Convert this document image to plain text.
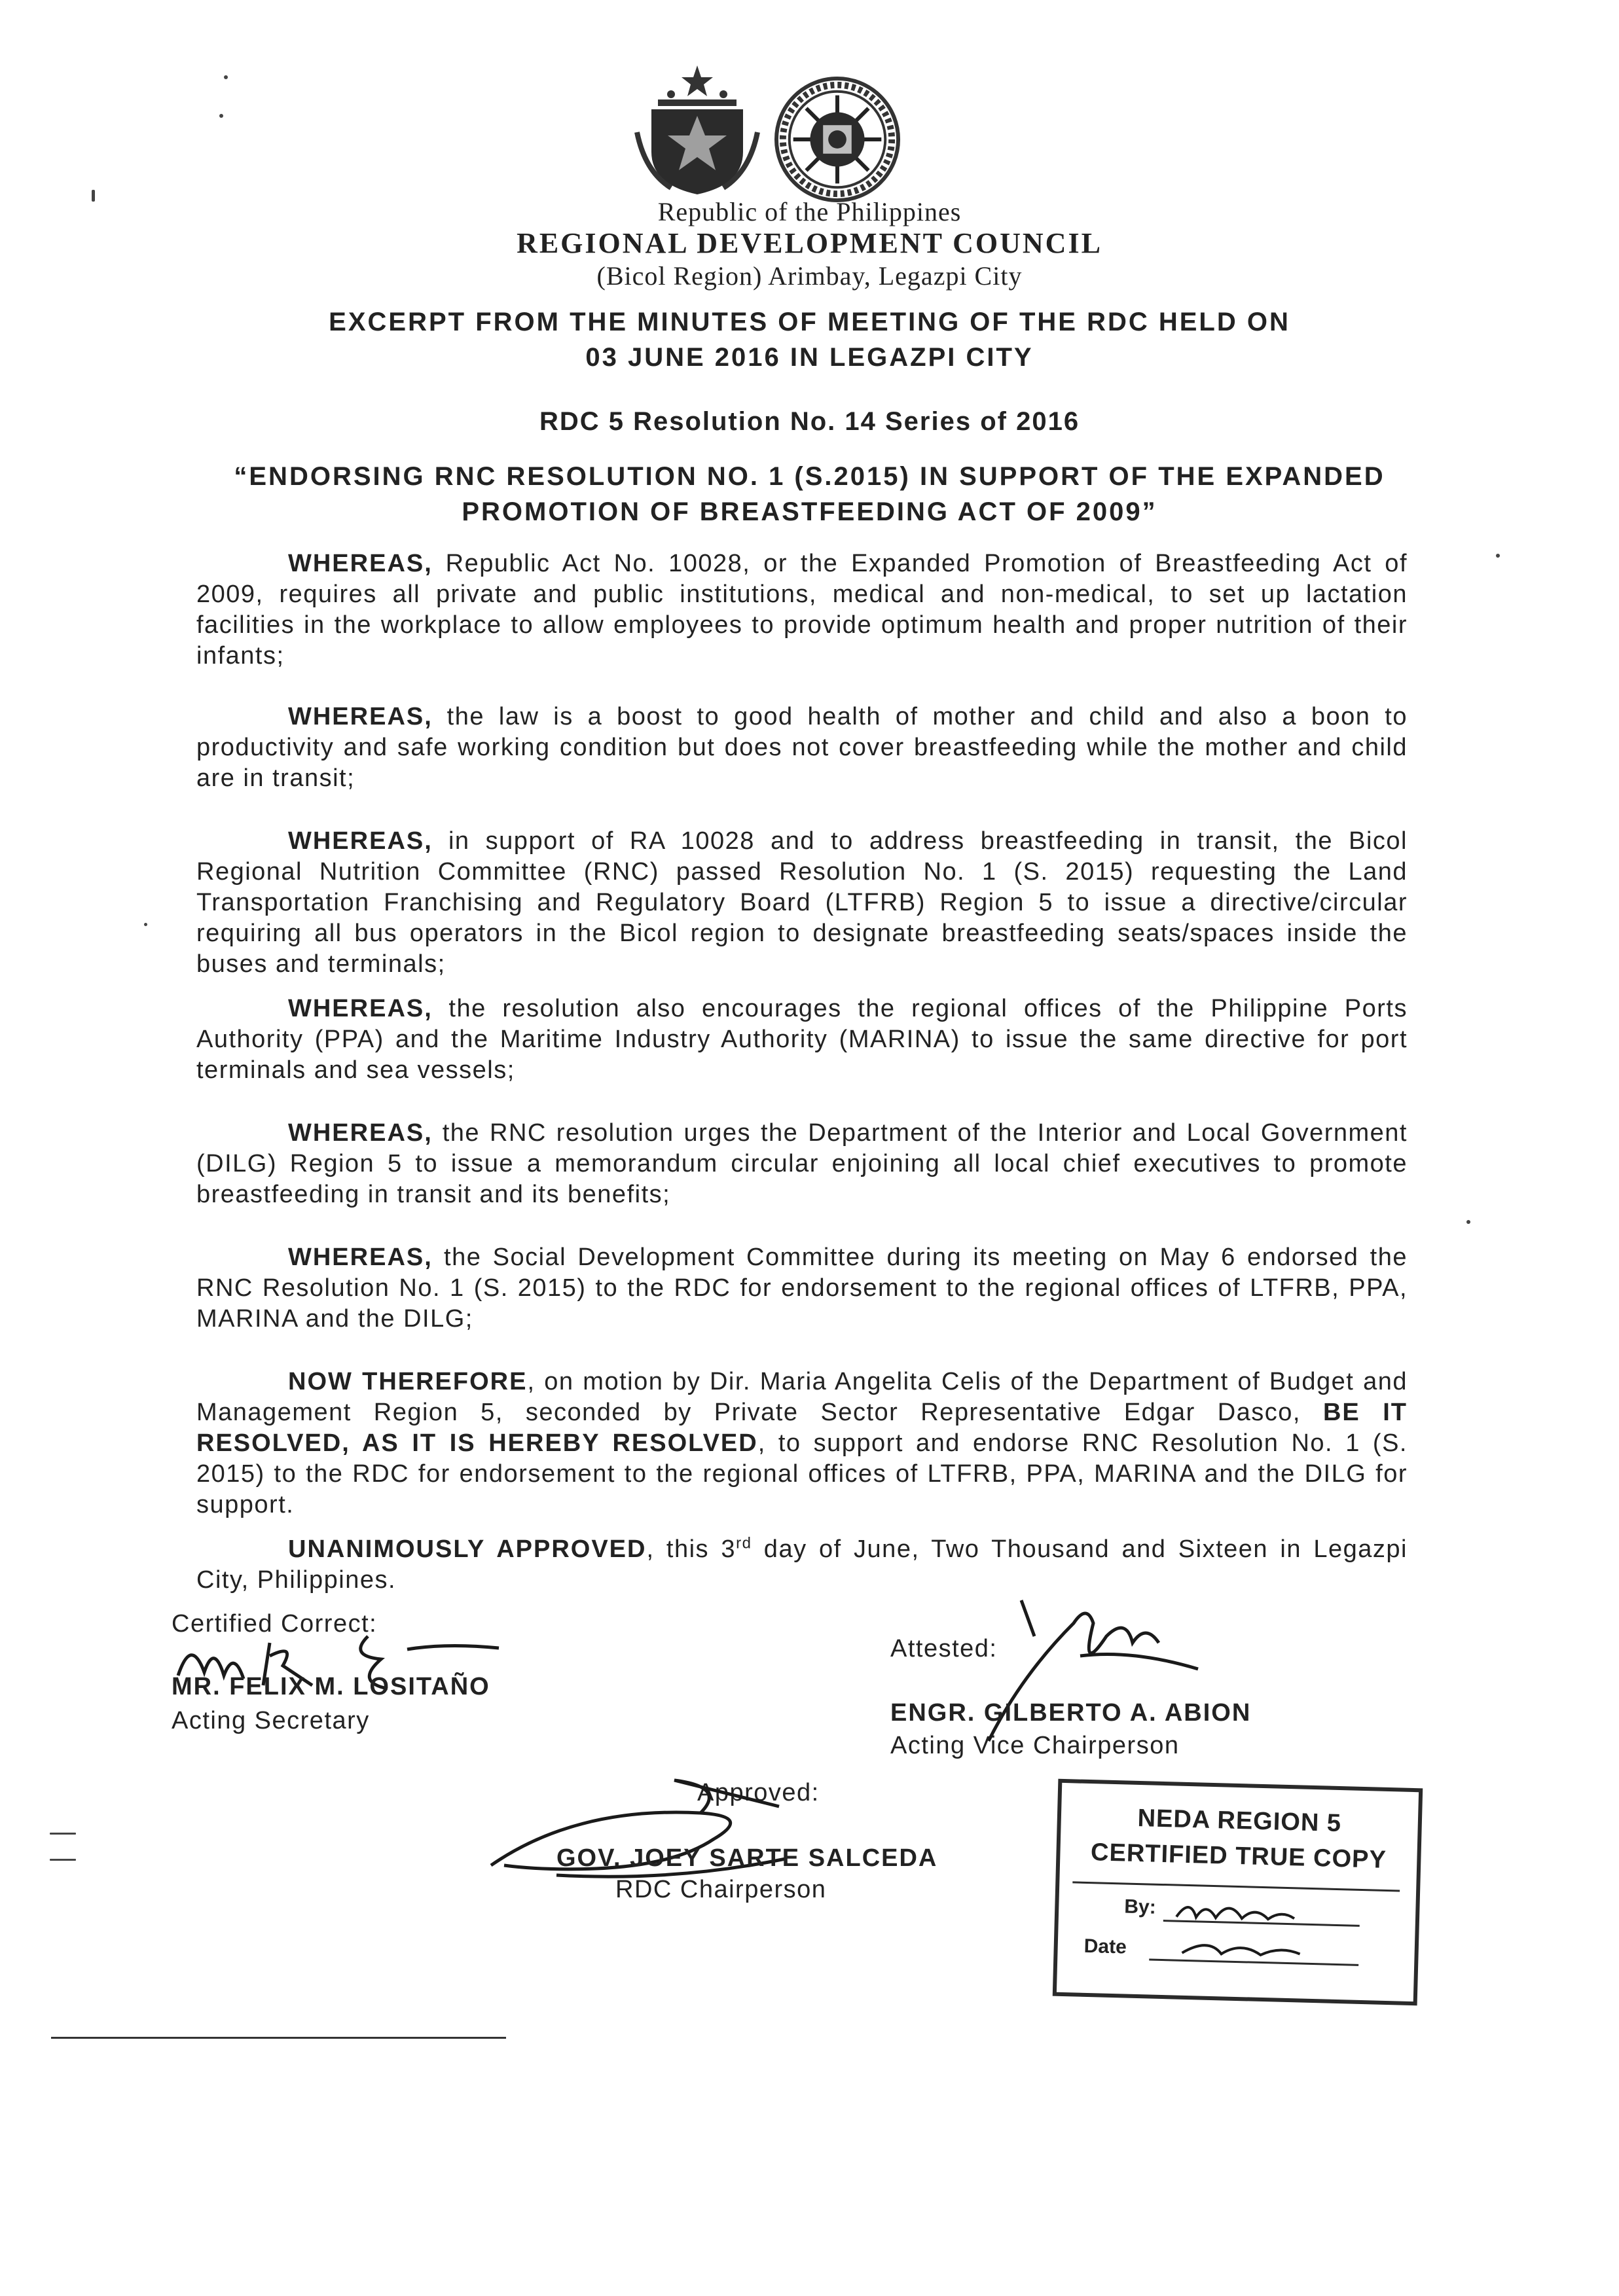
Republic of the Philippines
REGIONAL DEVELOPMENT COUNCIL
(Bicol Region) Arimbay, Legazpi City
EXCERPT FROM THE MINUTES OF MEETING OF THE RDC HELD ON
03 JUNE 2016 IN LEGAZPI CITY
RDC 5 Resolution No. 14 Series of 2016
“ENDORSING RNC RESOLUTION NO. 1 (S.2015) IN SUPPORT OF THE EXPANDED
PROMOTION OF BREASTFEEDING ACT OF 2009”

WHEREAS, Republic Act No. 10028, or the Expanded Promotion of Breastfeeding Act of 2009, requires all private and public institutions, medical and non-medical, to set up lactation facilities in the workplace to allow employees to provide optimum health and proper nutrition of their infants;

WHEREAS, the law is a boost to good health of mother and child and also a boon to productivity and safe working condition but does not cover breastfeeding while the mother and child are in transit;

WHEREAS, in support of RA 10028 and to address breastfeeding in transit, the Bicol Regional Nutrition Committee (RNC) passed Resolution No. 1 (S. 2015) requesting the Land Transportation Franchising and Regulatory Board (LTFRB) Region 5 to issue a directive/circular requiring all bus operators in the Bicol region to designate breastfeeding seats/spaces inside the buses and terminals;

WHEREAS, the resolution also encourages the regional offices of the Philippine Ports Authority (PPA) and the Maritime Industry Authority (MARINA) to issue the same directive for port terminals and sea vessels;

WHEREAS, the RNC resolution urges the Department of the Interior and Local Government (DILG) Region 5 to issue a memorandum circular enjoining all local chief executives to promote breastfeeding in transit and its benefits;

WHEREAS, the Social Development Committee during its meeting on May 6 endorsed the RNC Resolution No. 1 (S. 2015) to the RDC for endorsement to the regional offices of LTFRB, PPA, MARINA and the DILG;

NOW THEREFORE, on motion by Dir. Maria Angelita Celis of the Department of Budget and Management Region 5, seconded by Private Sector Representative Edgar Dasco, BE IT RESOLVED, AS IT IS HEREBY RESOLVED, to support and endorse RNC Resolution No. 1 (S. 2015) to the RDC for endorsement to the regional offices of LTFRB, PPA, MARINA and the DILG for support.

UNANIMOUSLY APPROVED, this 3rd day of June, Two Thousand and Sixteen in Legazpi City, Philippines.

Certified Correct:
MR. FELIX M. LOSITAÑO
Acting Secretary
Attested:
ENGR. GILBERTO A. ABION
Acting Vice Chairperson
Approved:
GOV. JOEY SARTE SALCEDA
RDC Chairperson
NEDA REGION 5
CERTIFIED TRUE COPY
By:
Date
